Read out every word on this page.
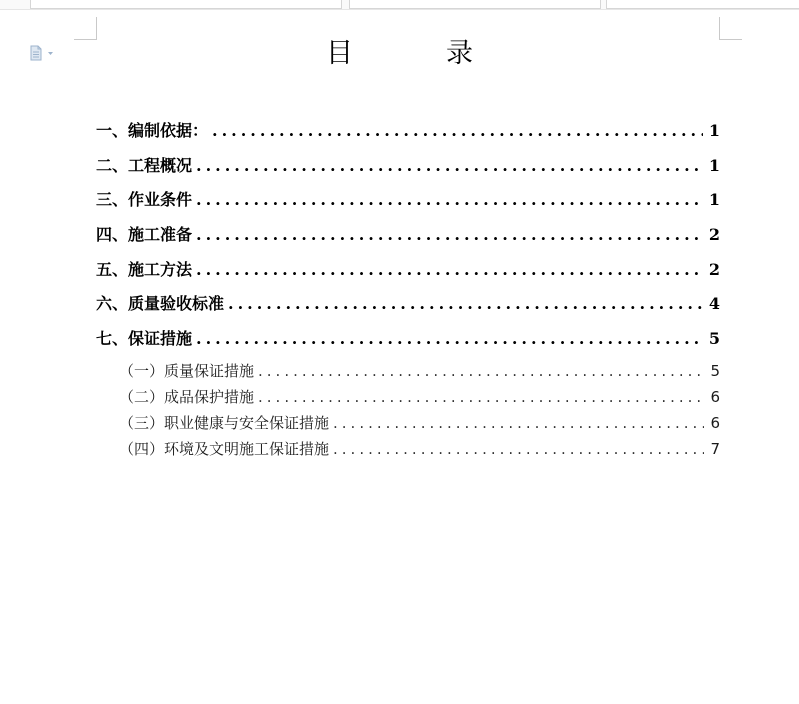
目　录
一、编制依据： .....	1
二、工程概况 .....	1
三、作业条件 .....	1
四、施工准备 .....	2
五、施工方法 .....	2
六、质量验收标准 .....	4
七、保证措施 .....	5
（一）质量保证措施 .....	5
（二）成品保护措施 .....	6
（三）职业健康与安全保证措施 .....	6
（四）环境及文明施工保证措施 .....	7
